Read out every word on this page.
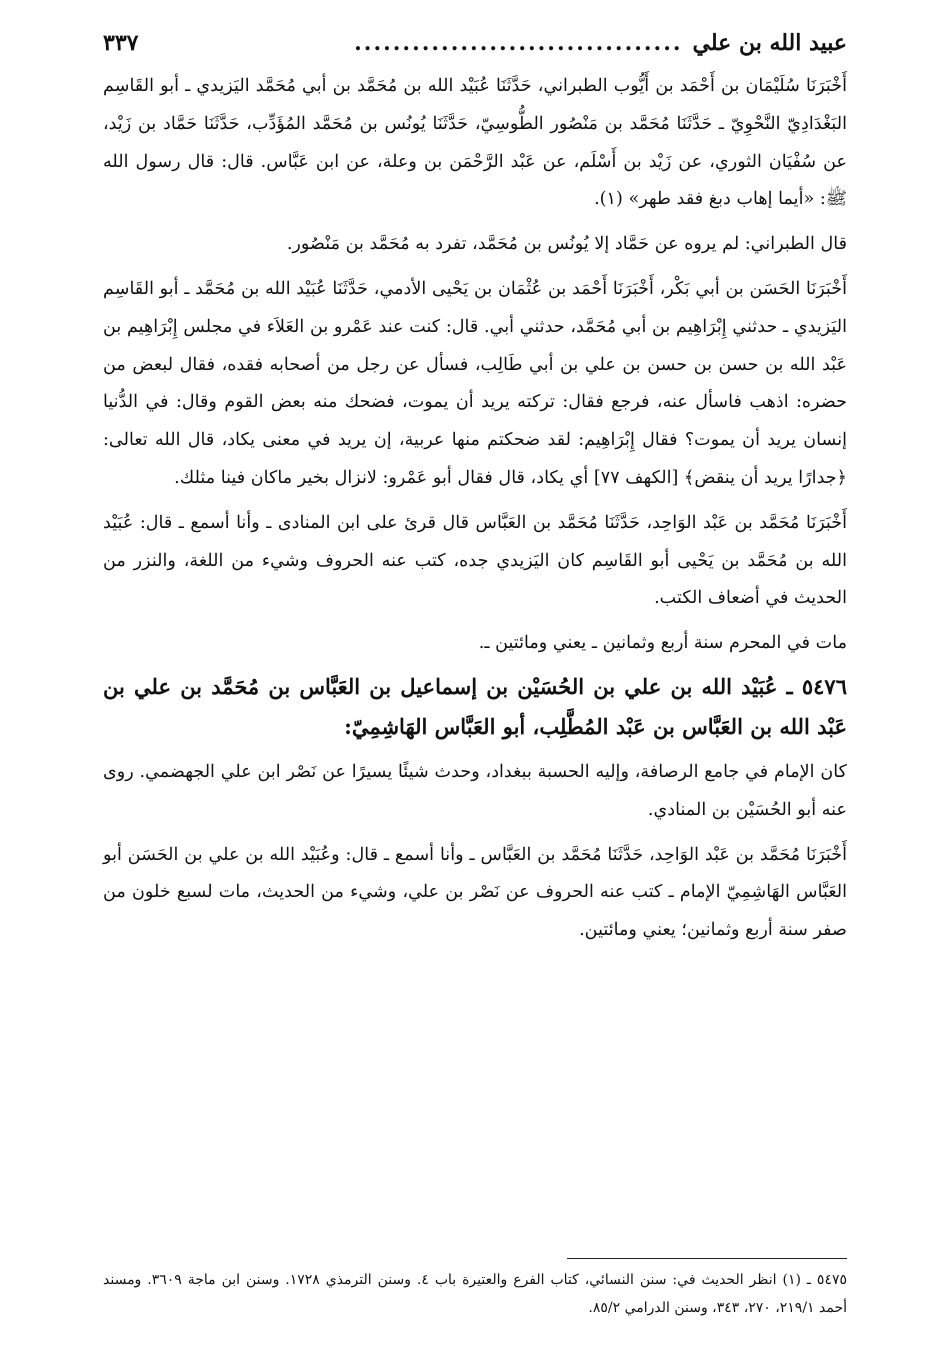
عبيد الله بن علي
..................................
٣٣٧

أَخْبَرَنَا سُلَيْمَان بن أَحْمَد بن أَيُّوب الطبراني، حَدَّثَنَا عُبَيْد الله بن مُحَمَّد بن أبي مُحَمَّد اليَزيدي ـ أبو القَاسِم البَغْدَادِيّ النَّحْوِيّ ـ حَدَّثَنَا مُحَمَّد بن مَنْصُور الطُّوسِيّ، حَدَّثَنَا يُونُس بن مُحَمَّد المُؤَدِّب، حَدَّثَنَا حَمَّاد بن زَيْد، عن سُفْيَان الثوري، عن زَيْد بن أَسْلَم، عن عَبْد الرَّحْمَن بن وعلة، عن ابن عَبَّاس. قال: قال رسول الله ﷺ: «أيما إهاب دبغ فقد طهر» (١).

قال الطبراني: لم يروه عن حَمَّاد إلا يُونُس بن مُحَمَّد، تفرد به مُحَمَّد بن مَنْصُور.

أَخْبَرَنَا الحَسَن بن أبي بَكْر، أَخْبَرَنَا أَحْمَد بن عُثْمَان بن يَحْيى الأدمي، حَدَّثَنَا عُبَيْد الله بن مُحَمَّد ـ أبو القَاسِم اليَزيدي ـ حدثني إِبْرَاهِيم بن أبي مُحَمَّد، حدثني أبي. قال: كنت عند عَمْرو بن العَلاَء في مجلس إِبْرَاهِيم بن عَبْد الله بن حسن بن حسن بن علي بن أبي طَالِب، فسأل عن رجل من أصحابه فقده، فقال لبعض من حضره: اذهب فاسأل عنه، فرجع فقال: تركته يريد أن يموت، فضحك منه بعض القوم وقال: في الدُّنيا إنسان يريد أن يموت؟ فقال إِبْرَاهِيم: لقد ضحكتم منها عربية، إن يريد في معنى يكاد، قال الله تعالى: ﴿جدارًا يريد أن ينقض﴾ [الكهف ٧٧] أي يكاد، قال فقال أبو عَمْرو: لانزال بخير ماكان فينا مثلك.

أَخْبَرَنَا مُحَمَّد بن عَبْد الوَاحِد، حَدَّثَنَا مُحَمَّد بن العَبَّاس قال قرئ على ابن المنادى ـ وأنا أسمع ـ قال: عُبَيْد الله بن مُحَمَّد بن يَحْيى أبو القَاسِم كان اليَزيدي جده، كتب عنه الحروف وشيء من اللغة، والنزر من الحديث في أضعاف الكتب.

مات في المحرم سنة أربع وثمانين ـ يعني ومائتين ـ.

٥٤٧٦ ـ عُبَيْد الله بن علي بن الحُسَيْن بن إسماعيل بن العَبَّاس بن مُحَمَّد بن علي بن عَبْد الله بن العَبَّاس بن عَبْد المُطَّلِب، أبو العَبَّاس الهَاشِمِيّ:

كان الإمام في جامع الرصافة، وإليه الحسبة ببغداد، وحدث شيئًا يسيرًا عن نَصْر ابن علي الجهضمي. روى عنه أبو الحُسَيْن بن المنادي.

أَخْبَرَنَا مُحَمَّد بن عَبْد الوَاحِد، حَدَّثَنَا مُحَمَّد بن العَبَّاس ـ وأنا أسمع ـ قال: وعُبَيْد الله بن علي بن الحَسَن أبو العَبَّاس الهَاشِمِيّ الإمام ـ كتب عنه الحروف عن نَصْر بن علي، وشيء من الحديث، مات لسبع خلون من صفر سنة أربع وثمانين؛ يعني ومائتين.

٥٤٧٥ ـ (١) انظر الحديث في: سنن النسائي، كتاب الفرع والعتيرة باب ٤. وسنن الترمذي ١٧٢٨. وسنن ابن ماجة ٣٦٠٩. ومسند أحمد ٢١٩/١، ٢٧٠، ٣٤٣، وسنن الدرامي ٨٥/٢.
